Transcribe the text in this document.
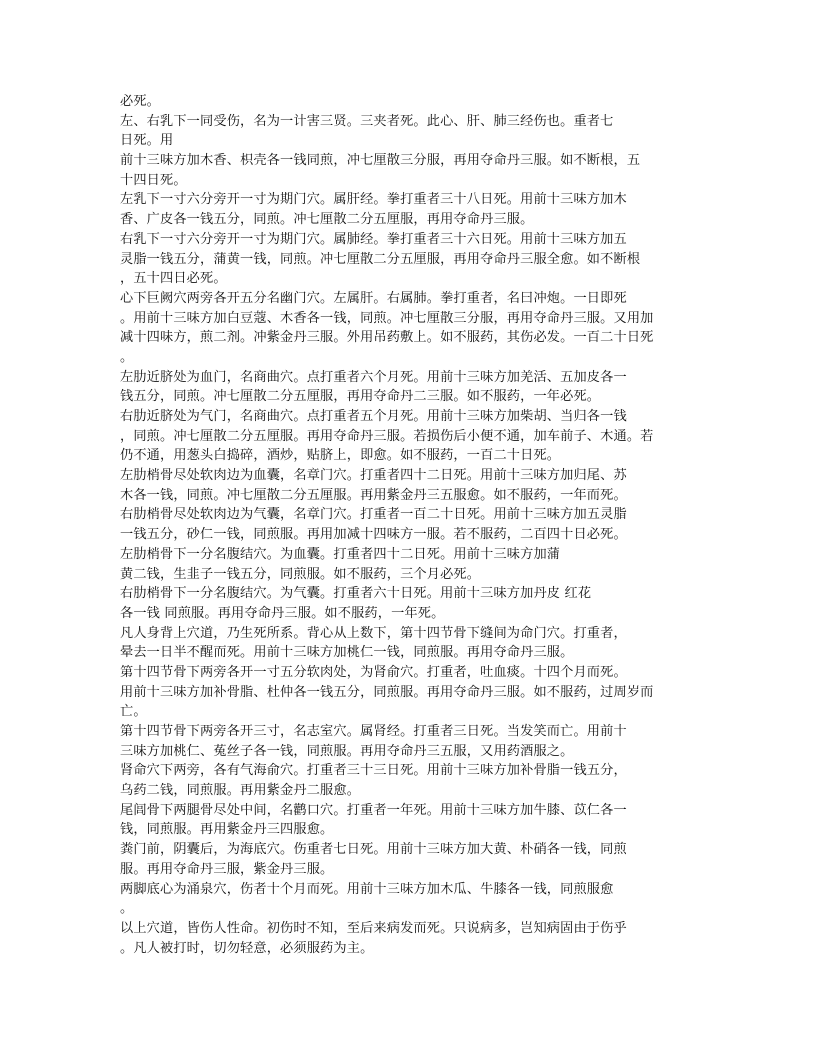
必死。
左、右乳下一同受伤，名为一计害三贤。三夹者死。此心、肝、肺三经伤也。重者七
日死。用
前十三味方加木香、枳壳各一钱同煎，冲七厘散三分服，再用夺命丹三服。如不断根，五
十四日死。
左乳下一寸六分旁开一寸为期门穴。属肝经。拳打重者三十八日死。用前十三味方加木
香、广皮各一钱五分，同煎。冲七厘散二分五厘服，再用夺命丹三服。
右乳下一寸六分旁开一寸为期门穴。属肺经。拳打重者三十六日死。用前十三味方加五
灵脂一钱五分，蒲黄一钱，同煎。冲七厘散二分五厘服，再用夺命丹三服全愈。如不断根
，五十四日必死。
心下巨阙穴两旁各开五分名幽门穴。左属肝。右属肺。拳打重者，名曰冲炮。一日即死
。用前十三味方加白豆蔻、木香各一钱，同煎。冲七厘散三分服，再用夺命丹三服。又用加
减十四味方，煎二剂。冲紫金丹三服。外用吊药敷上。如不服药，其伤必发。一百二十日死
。
左肋近脐处为血门，名商曲穴。点打重者六个月死。用前十三味方加羌活、五加皮各一
钱五分，同煎。冲七厘散二分五厘服，再用夺命丹二三服。如不服药，一年必死。
右肋近脐处为气门，名商曲穴。点打重者五个月死。用前十三味方加柴胡、当归各一钱
，同煎。冲七厘散二分五厘服。再用夺命丹三服。若损伤后小便不通，加车前子、木通。若
仍不通，用葱头白捣碎，酒炒，贴脐上，即愈。如不服药，一百二十日死。
左肋梢骨尽处软肉边为血囊，名章门穴。打重者四十二日死。用前十三味方加归尾、苏
木各一钱，同煎。冲七厘散二分五厘服。再用紫金丹三五服愈。如不服药，一年而死。
右肋梢骨尽处软肉边为气囊，名章门穴。打重者一百二十日死。用前十三味方加五灵脂
一钱五分，砂仁一钱，同煎服。再用加减十四味方一服。若不服药，二百四十日必死。
左肋梢骨下一分名腹结穴。为血囊。打重者四十二日死。用前十三味方加蒲
黄二钱，生韭子一钱五分，同煎服。如不服药，三个月必死。
右肋梢骨下一分名腹结穴。为气囊。打重者六十日死。用前十三味方加丹皮 红花
各一钱 同煎服。再用夺命丹三服。如不服药，一年死。
凡人身背上穴道，乃生死所系。背心从上数下，第十四节骨下缝间为命门穴。打重者，
晕去一日半不醒而死。用前十三味方加桃仁一钱，同煎服。再用夺命丹三服。
第十四节骨下两旁各开一寸五分软肉处，为肾俞穴。打重者，吐血痰。十四个月而死。
用前十三味方加补骨脂、杜仲各一钱五分，同煎服。再用夺命丹三服。如不服药，过周岁而
亡。
第十四节骨下两旁各开三寸，名志室穴。属肾经。打重者三日死。当发笑而亡。用前十
三味方加桃仁、菟丝子各一钱，同煎服。再用夺命丹三五服，又用药酒服之。
肾命穴下两旁，各有气海俞穴。打重者三十三日死。用前十三味方加补骨脂一钱五分，
乌药二钱，同煎服。再用紫金丹二服愈。
尾闾骨下两腿骨尽处中间，名鹳口穴。打重者一年死。用前十三味方加牛膝、苡仁各一
钱，同煎服。再用紫金丹三四服愈。
粪门前，阴囊后，为海底穴。伤重者七日死。用前十三味方加大黄、朴硝各一钱，同煎
服。再用夺命丹三服，紫金丹三服。
两脚底心为涌泉穴，伤者十个月而死。用前十三味方加木瓜、牛膝各一钱，同煎服愈
。
以上穴道，皆伤人性命。初伤时不知，至后来病发而死。只说病多，岂知病固由于伤乎
。凡人被打时，切勿轻意，必须服药为主。
